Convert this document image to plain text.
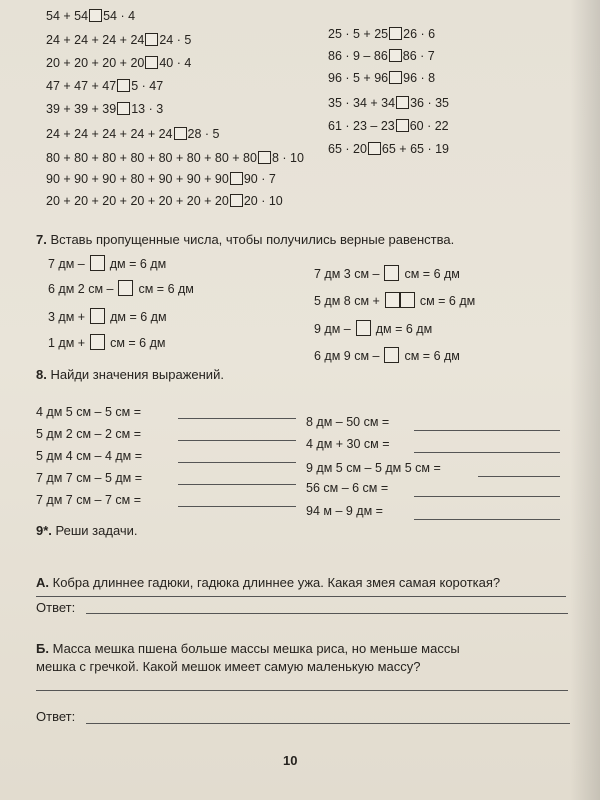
54 + 54 54 · 4
24 + 24 + 24 + 24 24 · 5
20 + 20 + 20 + 20 40 · 4
47 + 47 + 47 5 · 47
39 + 39 + 39 13 · 3
24 + 24 + 24 + 24 + 24 28 · 5
80 + 80 + 80 + 80 + 80 + 80 + 80 + 80 8 · 10
90 + 90 + 90 + 80 + 90 + 90 + 90 90 · 7
20 + 20 + 20 + 20 + 20 + 20 + 20 20 · 10
25 · 5 + 25 26 · 6
86 · 9 – 86 86 · 7
96 · 5 + 96 96 · 8
35 · 34 + 34 36 · 35
61 · 23 – 23 60 · 22
65 · 20 65 + 65 · 19
7. Вставь пропущенные числа, чтобы получились верные равенства.
7 дм – дм = 6 дм
6 дм 2 см – см = 6 дм
3 дм + дм = 6 дм
1 дм + см = 6 дм
7 дм 3 см – см = 6 дм
5 дм 8 см +	см = 6 дм
9 дм – дм = 6 дм
6 дм 9 см – см = 6 дм
8. Найди значения выражений.
4 дм 5 см – 5 см =
5 дм 2 см – 2 см =
5 дм 4 см – 4 дм =
7 дм 7 см – 5 дм =
7 дм 7 см – 7 см =
8 дм – 50 см =
4 дм + 30 см =
9 дм 5 см – 5 дм 5 см =
56 см – 6 см =
94 м – 9 дм =
9*. Реши задачи.
А. Кобра длиннее гадюки, гадюка длиннее ужа. Какая змея самая короткая?
Ответ:
Б. Масса мешка пшена больше массы мешка риса, но меньше массы
мешка с гречкой. Какой мешок имеет самую маленькую массу?
Ответ:
10
